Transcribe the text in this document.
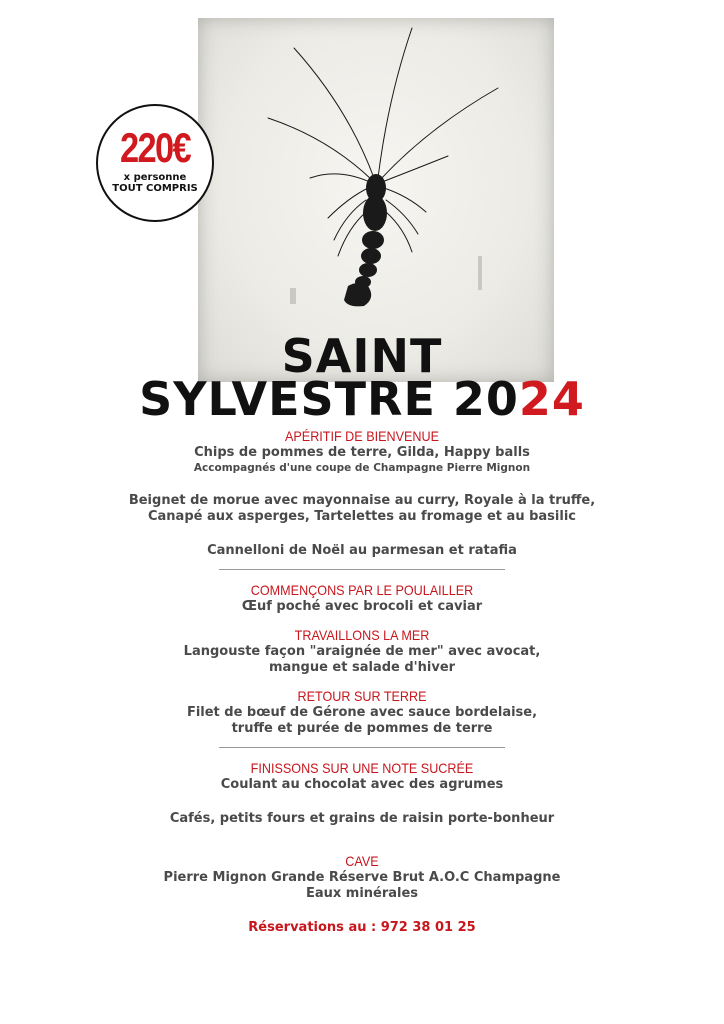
220€
x personne
TOUT COMPRIS
SAINT
SYLVESTRE 2024
APÉRITIF DE BIENVENUE
Chips de pommes de terre, Gilda, Happy balls
Accompagnés d'une coupe de Champagne Pierre Mignon
Beignet de morue avec mayonnaise au curry, Royale à la truffe,
Canapé aux asperges, Tartelettes au fromage et au basilic
Cannelloni de Noël au parmesan et ratafia
COMMENÇONS PAR LE POULAILLER
Œuf poché avec brocoli et caviar
TRAVAILLONS LA MER
Langouste façon "araignée de mer" avec avocat,
mangue et salade d'hiver
RETOUR SUR TERRE
Filet de bœuf de Gérone avec sauce bordelaise,
truffe et purée de pommes de terre
FINISSONS SUR UNE NOTE SUCRÉE
Coulant au chocolat avec des agrumes
Cafés, petits fours et grains de raisin porte-bonheur
CAVE
Pierre Mignon Grande Réserve Brut A.O.C Champagne
Eaux minérales
Réservations au : 972 38 01 25
